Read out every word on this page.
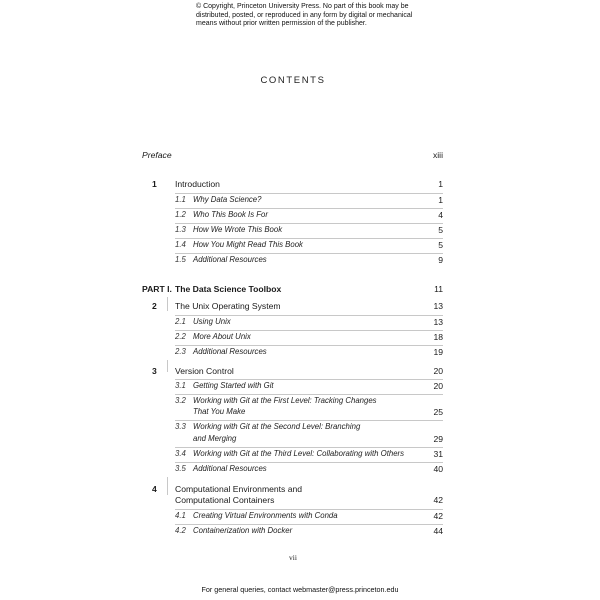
© Copyright, Princeton University Press. No part of this book may be distributed, posted, or reproduced in any form by digital or mechanical means without prior written permission of the publisher.
CONTENTS
Preface	xiii
1 Introduction	1
1.1 Why Data Science?	1
1.2 Who This Book Is For	4
1.3 How We Wrote This Book	5
1.4 How You Might Read This Book	5
1.5 Additional Resources	9
PART I. The Data Science Toolbox	11
2 The Unix Operating System	13
2.1 Using Unix	13
2.2 More About Unix	18
2.3 Additional Resources	19
3 Version Control	20
3.1 Getting Started with Git	20
3.2 Working with Git at the First Level: Tracking Changes
That You Make	25
3.3 Working with Git at the Second Level: Branching
and Merging	29
3.4 Working with Git at the Third Level: Collaborating with Others	31
3.5 Additional Resources	40
4 Computational Environments and
Computational Containers	42
4.1 Creating Virtual Environments with Conda	42
4.2 Containerization with Docker	44
vii
For general queries, contact webmaster@press.princeton.edu
